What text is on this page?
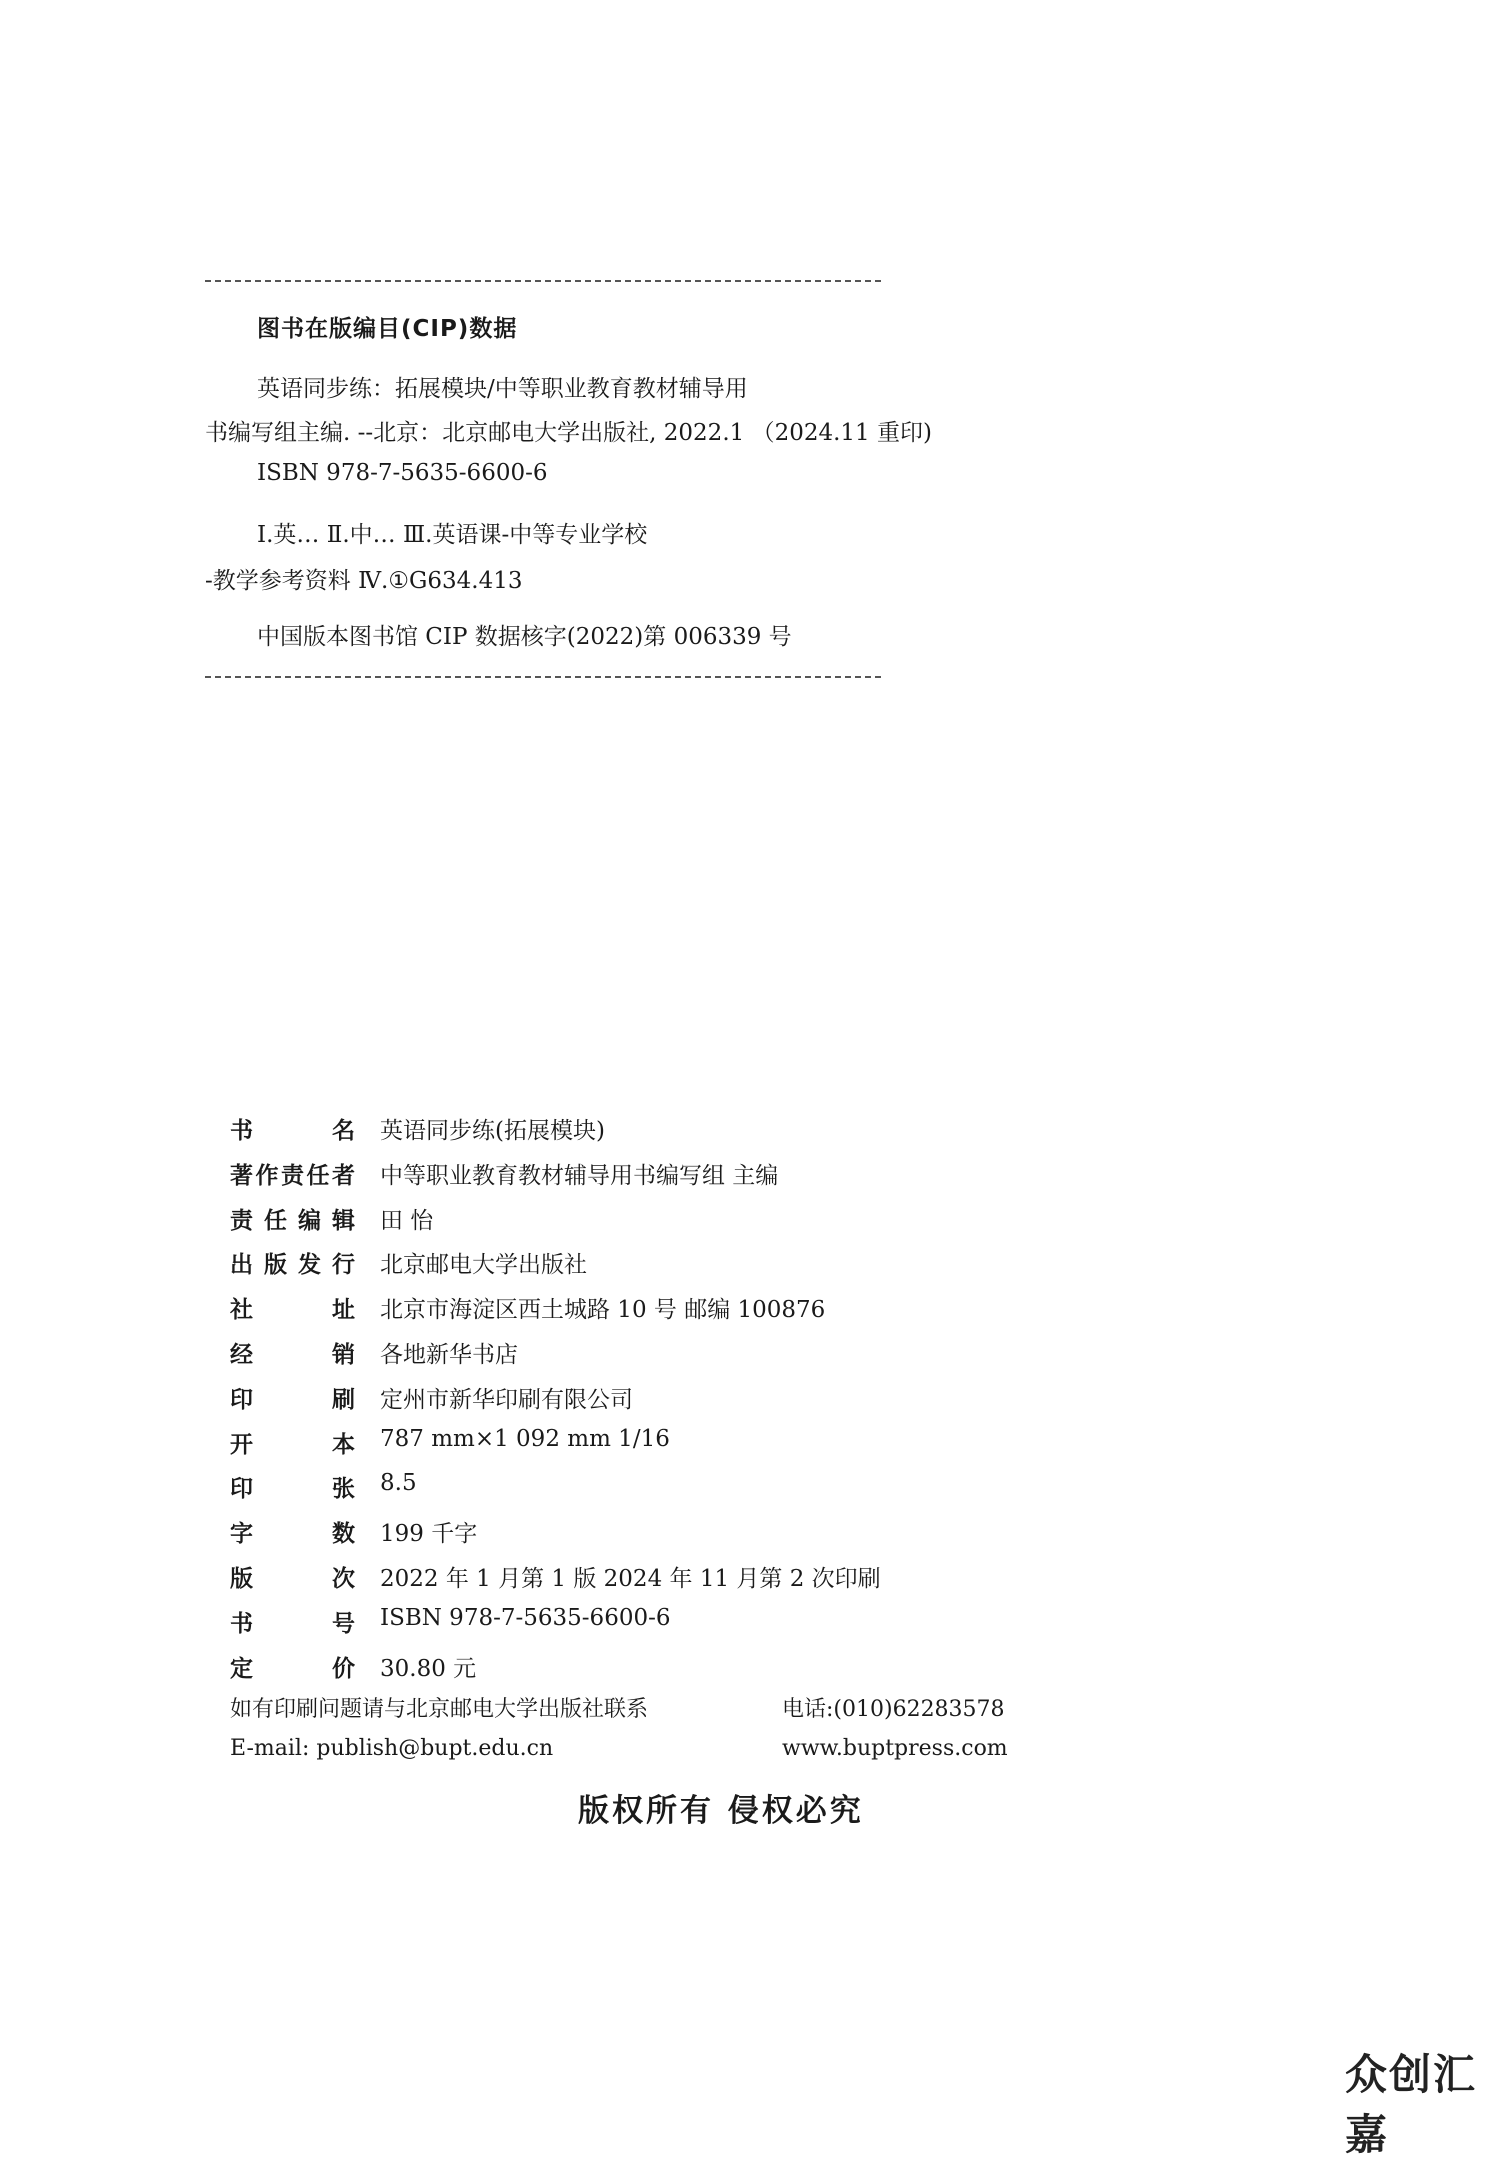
图书在版编目(CIP)数据
英语同步练：拓展模块/中等职业教育教材辅导用
书编写组主编. --北京：北京邮电大学出版社, 2022.1 （2024.11 重印)
ISBN 978-7-5635-6600-6
Ⅰ.英… Ⅱ.中… Ⅲ.英语课-中等专业学校
-教学参考资料 Ⅳ.①G634.413
中国版本图书馆 CIP 数据核字(2022)第 006339 号
书	名 英语同步练(拓展模块)
著 作 责 任 者 中等职业教育教材辅导用书编写组 主编
责 任 编 辑 田 怡
出 版 发 行 北京邮电大学出版社
社	址 北京市海淀区西土城路 10 号 邮编 100876
经	销 各地新华书店
印	刷 定州市新华印刷有限公司
开	本 787 mm×1 092 mm 1/16
印	张 8.5
字	数 199 千字
版	次 2022 年 1 月第 1 版 2024 年 11 月第 2 次印刷
书	号 ISBN 978-7-5635-6600-6
定	价 30.80 元
如有印刷问题请与北京邮电大学出版社联系	电话:(010)62283578
E-mail: publish@bupt.edu.cn	www.buptpress.com
版权所有 侵权必究
众创汇嘉
